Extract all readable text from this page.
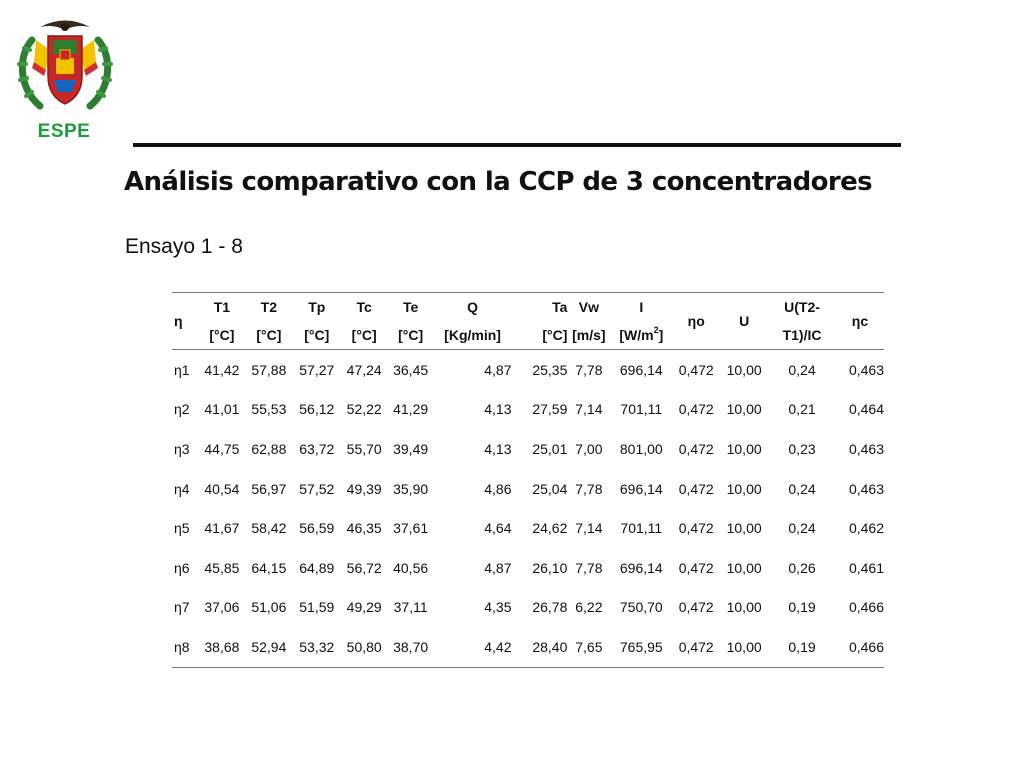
ESPE
Análisis comparativo con la CCP de 3 concentradores
Ensayo 1 - 8
η	T1	T2	Tp	Tc	Te	Q	Ta	Vw	I	ηo	U	U(T2-	ηc
	[°C]	[°C]	[°C]	[°C]	[°C]	[Kg/min]	[°C]	[m/s]	$[W/m^2]$			T1)/IC	
η1	41,42	57,88	57,27	47,24	36,45	4,87	25,35	7,78	696,14	0,472	10,00	0,24	0,463
η2	41,01	55,53	56,12	52,22	41,29	4,13	27,59	7,14	701,11	0,472	10,00	0,21	0,464
η3	44,75	62,88	63,72	55,70	39,49	4,13	25,01	7,00	801,00	0,472	10,00	0,23	0,463
η4	40,54	56,97	57,52	49,39	35,90	4,86	25,04	7,78	696,14	0,472	10,00	0,24	0,463
η5	41,67	58,42	56,59	46,35	37,61	4,64	24,62	7,14	701,11	0,472	10,00	0,24	0,462
η6	45,85	64,15	64,89	56,72	40,56	4,87	26,10	7,78	696,14	0,472	10,00	0,26	0,461
η7	37,06	51,06	51,59	49,29	37,11	4,35	26,78	6,22	750,70	0,472	10,00	0,19	0,466
η8	38,68	52,94	53,32	50,80	38,70	4,42	28,40	7,65	765,95	0,472	10,00	0,19	0,466
